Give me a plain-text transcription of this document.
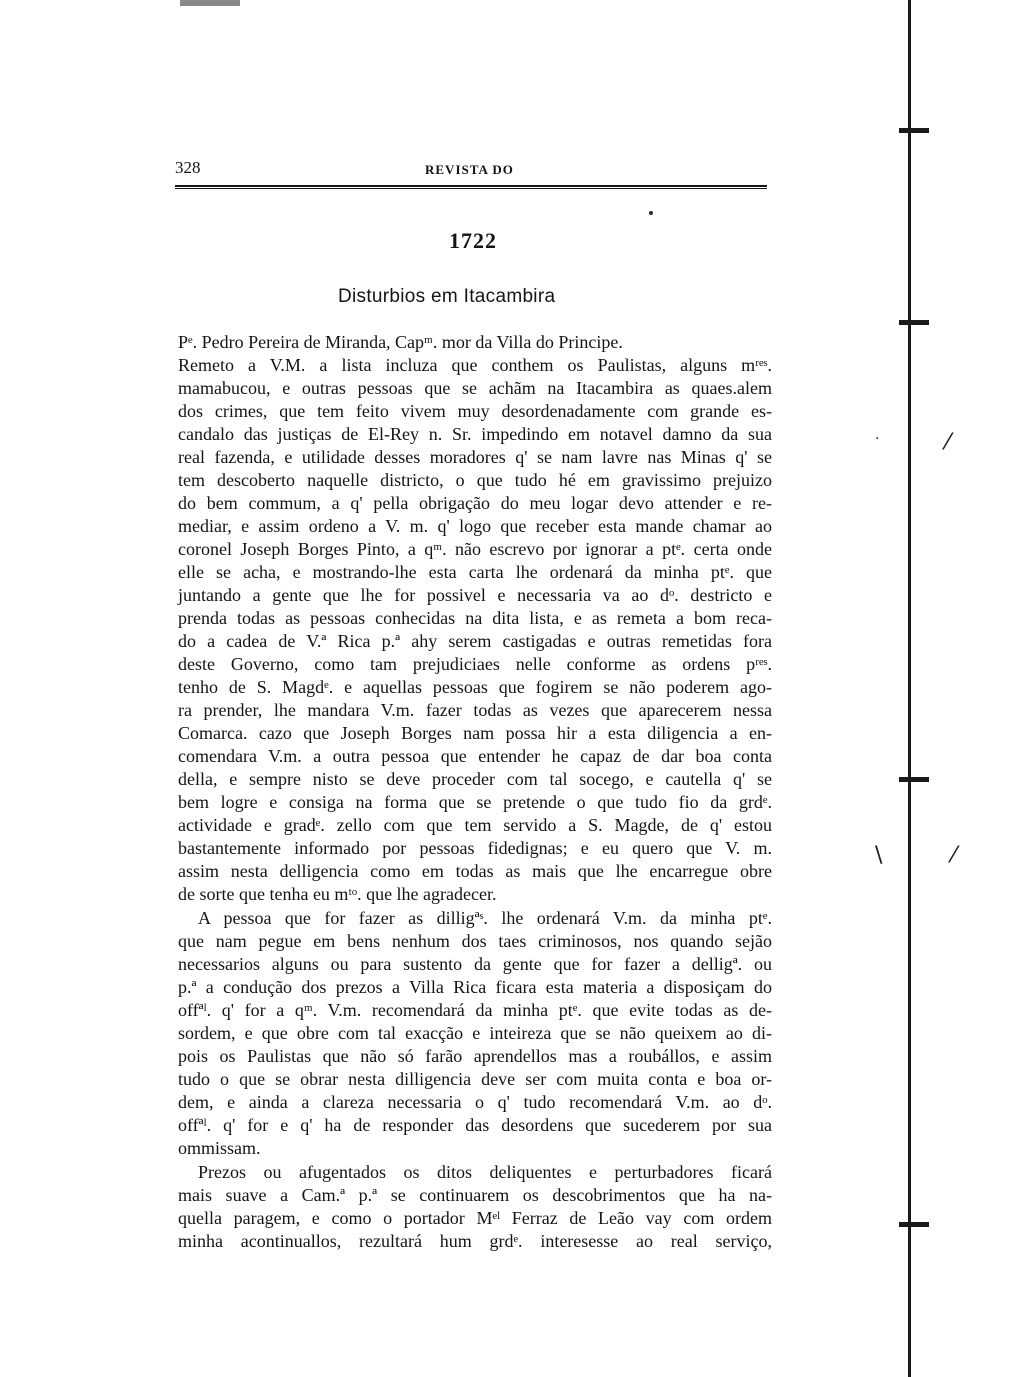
·	⁄
\	⁄
328	REVISTA DO
1722
Disturbios em Itacambira
Pᵉ. Pedro Pereira de Miranda, Capᵐ. mor da Villa do Principe.
Remeto a V.M. a lista incluza que conthem os Paulistas, alguns mʳᵉˢ.
mamabucou, e outras pessoas que se achãm na Itacambira as quaes.alem
dos crimes, que tem feito vivem muy desordenadamente com grande es-
candalo das justiças de El-Rey n. Sr. impedindo em notavel damno da sua
real fazenda, e utilidade desses moradores q' se nam lavre nas Minas q' se
tem descoberto naquelle districto, o que tudo hé em gravissimo prejuizo
do bem commum, a q' pella obrigação do meu logar devo attender e re-
mediar, e assim ordeno a V. m. q' logo que receber esta mande chamar ao
coronel Joseph Borges Pinto, a qᵐ. não escrevo por ignorar a ptᵉ. certa onde
elle se acha, e mostrando-lhe esta carta lhe ordenará da minha ptᵉ. que
juntando a gente que lhe for possivel e necessaria va ao dᵒ. destricto e
prenda todas as pessoas conhecidas na dita lista, e as remeta a bom reca-
do a cadea de V.ª Rica p.ª ahy serem castigadas e outras remetidas fora
deste Governo, como tam prejudiciaes nelle conforme as ordens pʳᵉˢ.
tenho de S. Magdᵉ. e aquellas pessoas que fogirem se não poderem ago-
ra prender, lhe mandara V.m. fazer todas as vezes que aparecerem nessa
Comarca. cazo que Joseph Borges nam possa hir a esta diligencia a en-
comendara V.m. a outra pessoa que entender he capaz de dar boa conta
della, e sempre nisto se deve proceder com tal socego, e cautella q' se
bem logre e consiga na forma que se pretende o que tudo fio da grdᵉ.
actividade e gradᵉ. zello com que tem servido a S. Magde, de q' estou
bastantemente informado por pessoas fidedignas; e eu quero que V. m.
assim nesta delligencia como em todas as mais que lhe encarregue obre
de sorte que tenha eu mᵗᵒ. que lhe agradecer.
A pessoa que for fazer as dilligªˢ. lhe ordenará V.m. da minha ptᵉ.
que nam pegue em bens nenhum dos taes criminosos, nos quando sejão
necessarios alguns ou para sustento da gente que for fazer a delligª. ou
p.ª a condução dos prezos a Villa Rica ficara esta materia a disposiçam do
offªˡ. q' for a qᵐ. V.m. recomendará da minha ptᵉ. que evite todas as de-
sordem, e que obre com tal exacção e inteireza que se não queixem ao di-
pois os Paulistas que não só farão aprendellos mas a roubállos, e assim
tudo o que se obrar nesta dilligencia deve ser com muita conta e boa or-
dem, e ainda a clareza necessaria o q' tudo recomendará V.m. ao dᵒ.
offªˡ. q' for e q' ha de responder das desordens que sucederem por sua
ommissam.
Prezos ou afugentados os ditos deliquentes e perturbadores ficará
mais suave a Cam.ª p.ª se continuarem os descobrimentos que ha na-
quella paragem, e como o portador Mᵉˡ Ferraz de Leão vay com ordem
minha acontinuallos, rezultará hum grdᵉ. interesesse ao real serviço,
